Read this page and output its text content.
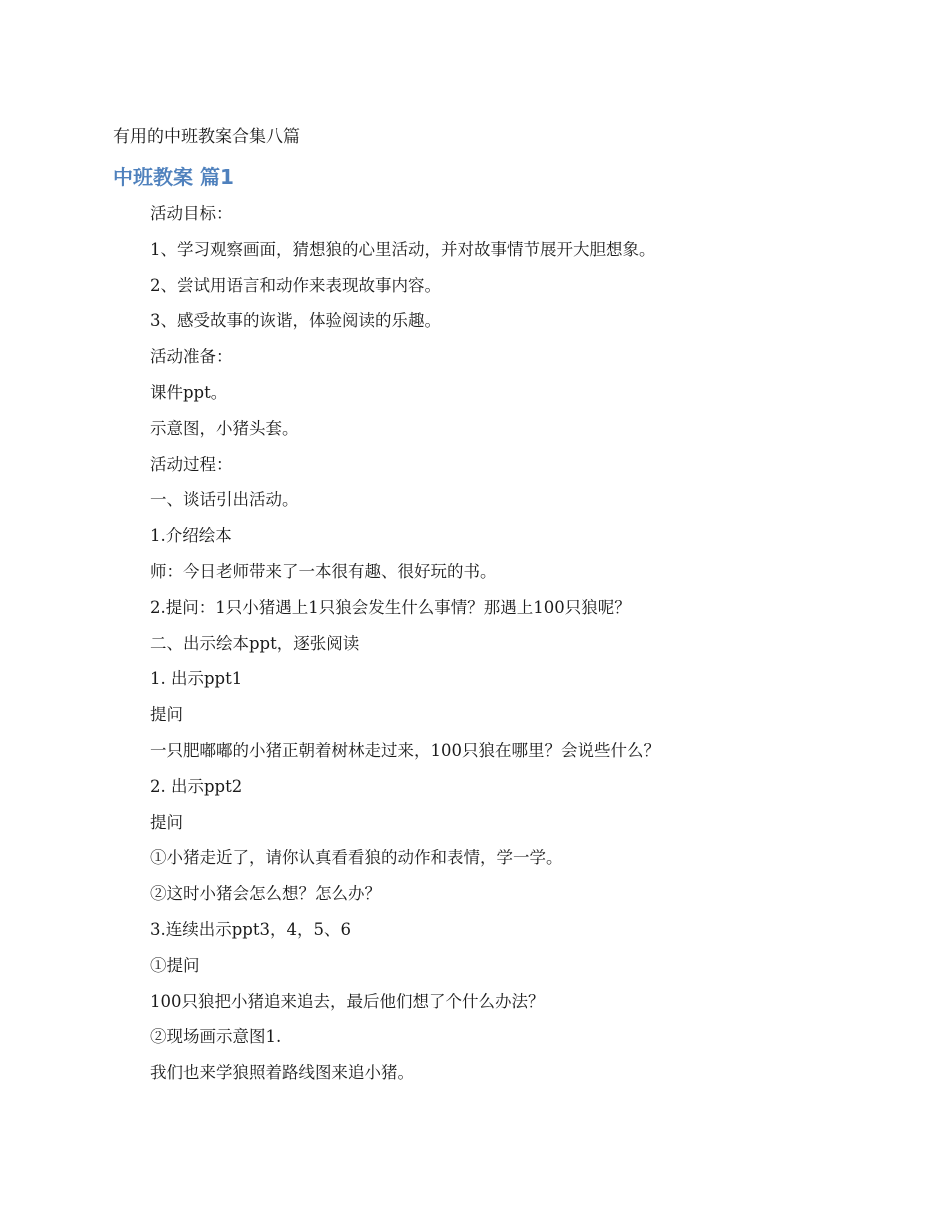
有用的中班教案合集八篇
中班教案 篇1
活动目标：
1、学习观察画面，猜想狼的心里活动，并对故事情节展开大胆想象。
2、尝试用语言和动作来表现故事内容。
3、感受故事的诙谐，体验阅读的乐趣。
活动准备：
课件ppt。
示意图，小猪头套。
活动过程：
一、谈话引出活动。
1.介绍绘本
师：今日老师带来了一本很有趣、很好玩的书。
2.提问：1只小猪遇上1只狼会发生什么事情？那遇上100只狼呢？
二、出示绘本ppt，逐张阅读
1. 出示ppt1
提问
一只肥嘟嘟的小猪正朝着树林走过来，100只狼在哪里？会说些什么？
2. 出示ppt2
提问
①小猪走近了，请你认真看看狼的动作和表情，学一学。
②这时小猪会怎么想？怎么办？
3.连续出示ppt3，4，5、6
①提问
100只狼把小猪追来追去，最后他们想了个什么办法？
②现场画示意图1.
我们也来学狼照着路线图来追小猪。
